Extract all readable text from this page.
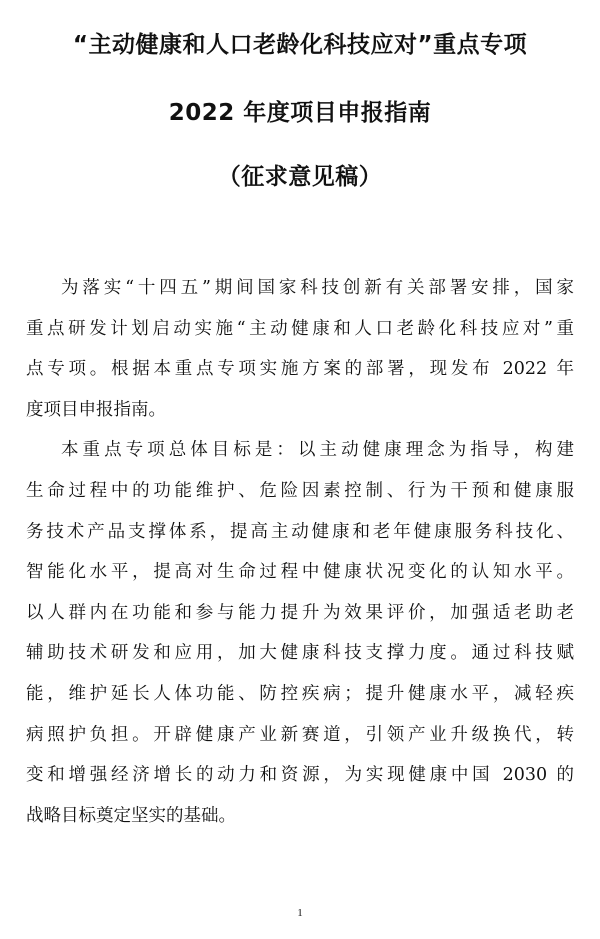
“主动健康和人口老龄化科技应对”重点专项
2022 年度项目申报指南
（征求意见稿）
为落实“十四五”期间国家科技创新有关部署安排，国家
重点研发计划启动实施“主动健康和人口老龄化科技应对”重
点专项。根据本重点专项实施方案的部署，现发布 2022 年
度项目申报指南。
本重点专项总体目标是：以主动健康理念为指导，构建
生命过程中的功能维护、危险因素控制、行为干预和健康服
务技术产品支撑体系，提高主动健康和老年健康服务科技化、
智能化水平，提高对生命过程中健康状况变化的认知水平。
以人群内在功能和参与能力提升为效果评价，加强适老助老
辅助技术研发和应用，加大健康科技支撑力度。通过科技赋
能，维护延长人体功能、防控疾病；提升健康水平，减轻疾
病照护负担。开辟健康产业新赛道，引领产业升级换代，转
变和增强经济增长的动力和资源，为实现健康中国 2030 的
战略目标奠定坚实的基础。
1
